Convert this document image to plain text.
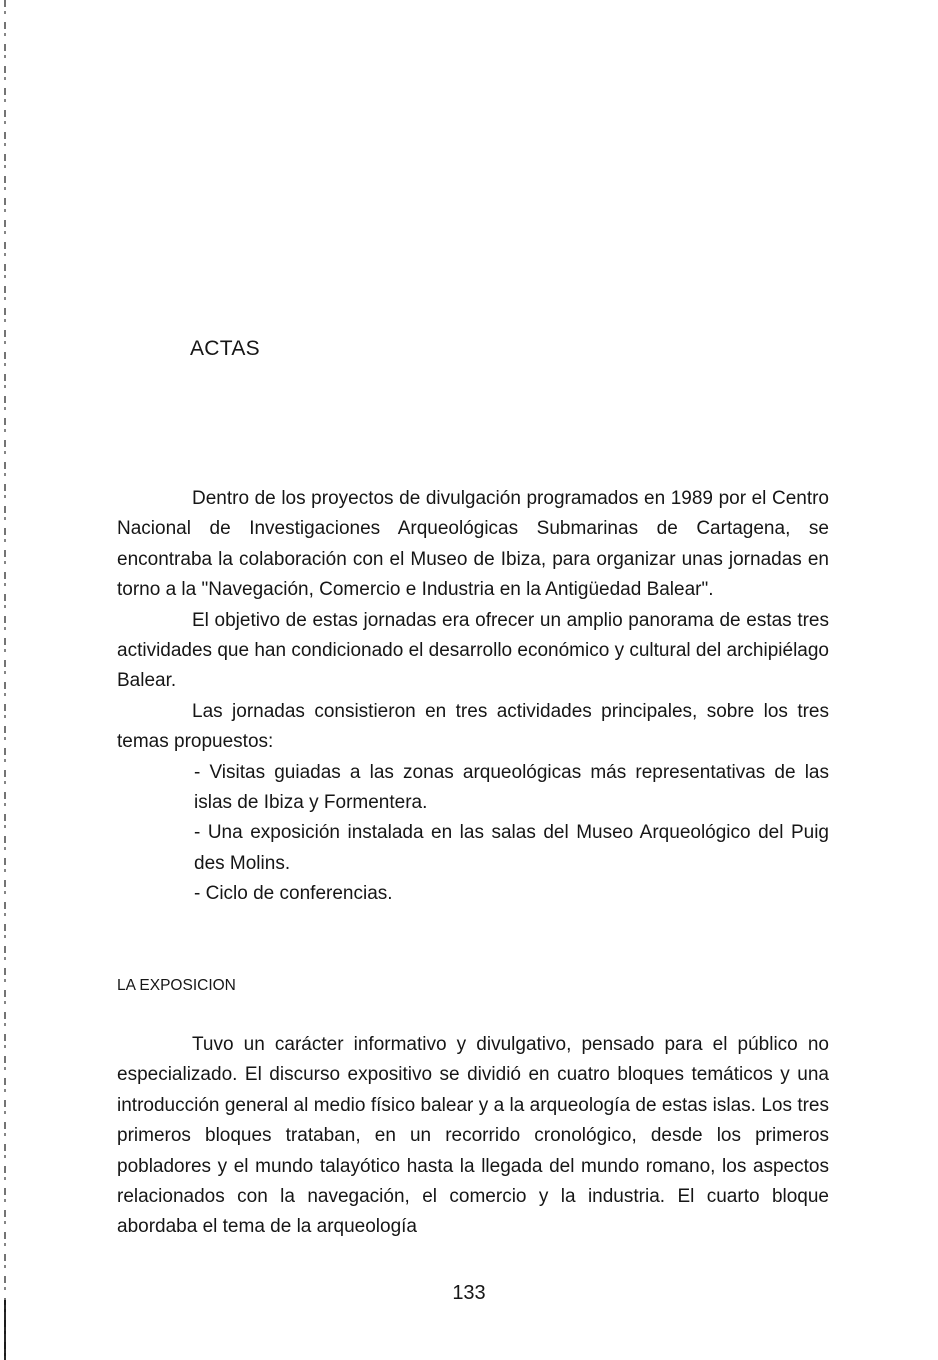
ACTAS

Dentro de los proyectos de divulgación programados en 1989 por el Centro Nacional de Investigaciones Arqueológicas Submarinas de Cartagena, se encontraba la colaboración con el Museo de Ibiza, para organizar unas jornadas en torno a la "Navegación, Comercio e Industria en la Antigüedad Balear".

El objetivo de estas jornadas era ofrecer un amplio panorama de estas tres actividades que han condicionado el desarrollo económico y cultural del archipiélago Balear.

Las jornadas consistieron en tres actividades principales, sobre los tres temas propuestos:

- Visitas guiadas a las zonas arqueológicas más representativas de las islas de Ibiza y Formentera.

- Una exposición instalada en las salas del Museo Arqueológico del Puig des Molins.

- Ciclo de conferencias.

LA EXPOSICION

Tuvo un carácter informativo y divulgativo, pensado para el público no especializado. El discurso expositivo se dividió en cuatro bloques temáticos y una introducción general al medio físico balear y a la arqueología de estas islas. Los tres primeros bloques trataban, en un recorrido cronológico, desde los primeros pobladores y el mundo talayótico hasta la llegada del mundo romano, los aspectos relacionados con la navegación, el comercio y la industria. El cuarto bloque abordaba el tema de la arqueología

133
